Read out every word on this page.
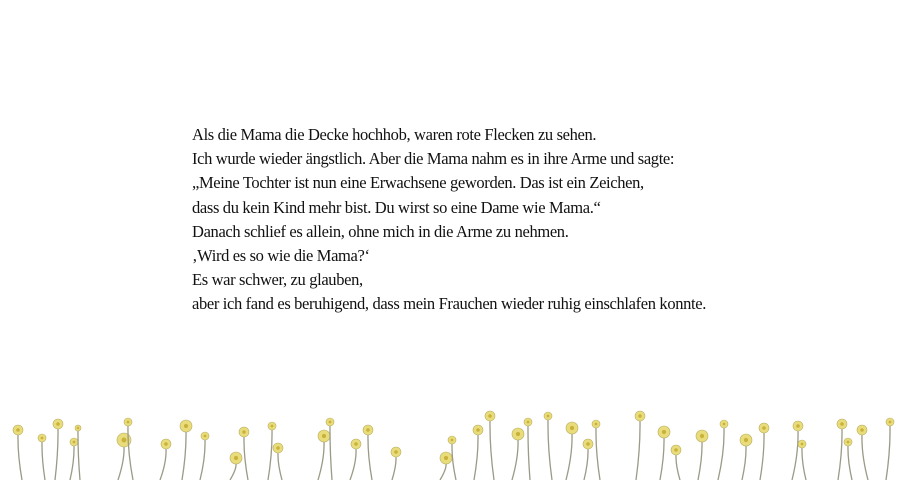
Als die Mama die Decke hochhob, waren rote Flecken zu sehen.

Ich wurde wieder ängstlich. Aber die Mama nahm es in ihre Arme und sagte:

„Meine Tochter ist nun eine Erwachsene geworden. Das ist ein Zeichen,

dass du kein Kind mehr bist. Du wirst so eine Dame wie Mama.“

Danach schlief es allein, ohne mich in die Arme zu nehmen.

‚Wird es so wie die Mama?‘

Es war schwer, zu glauben,

aber ich fand es beruhigend, dass mein Frauchen wieder ruhig einschlafen konnte.
